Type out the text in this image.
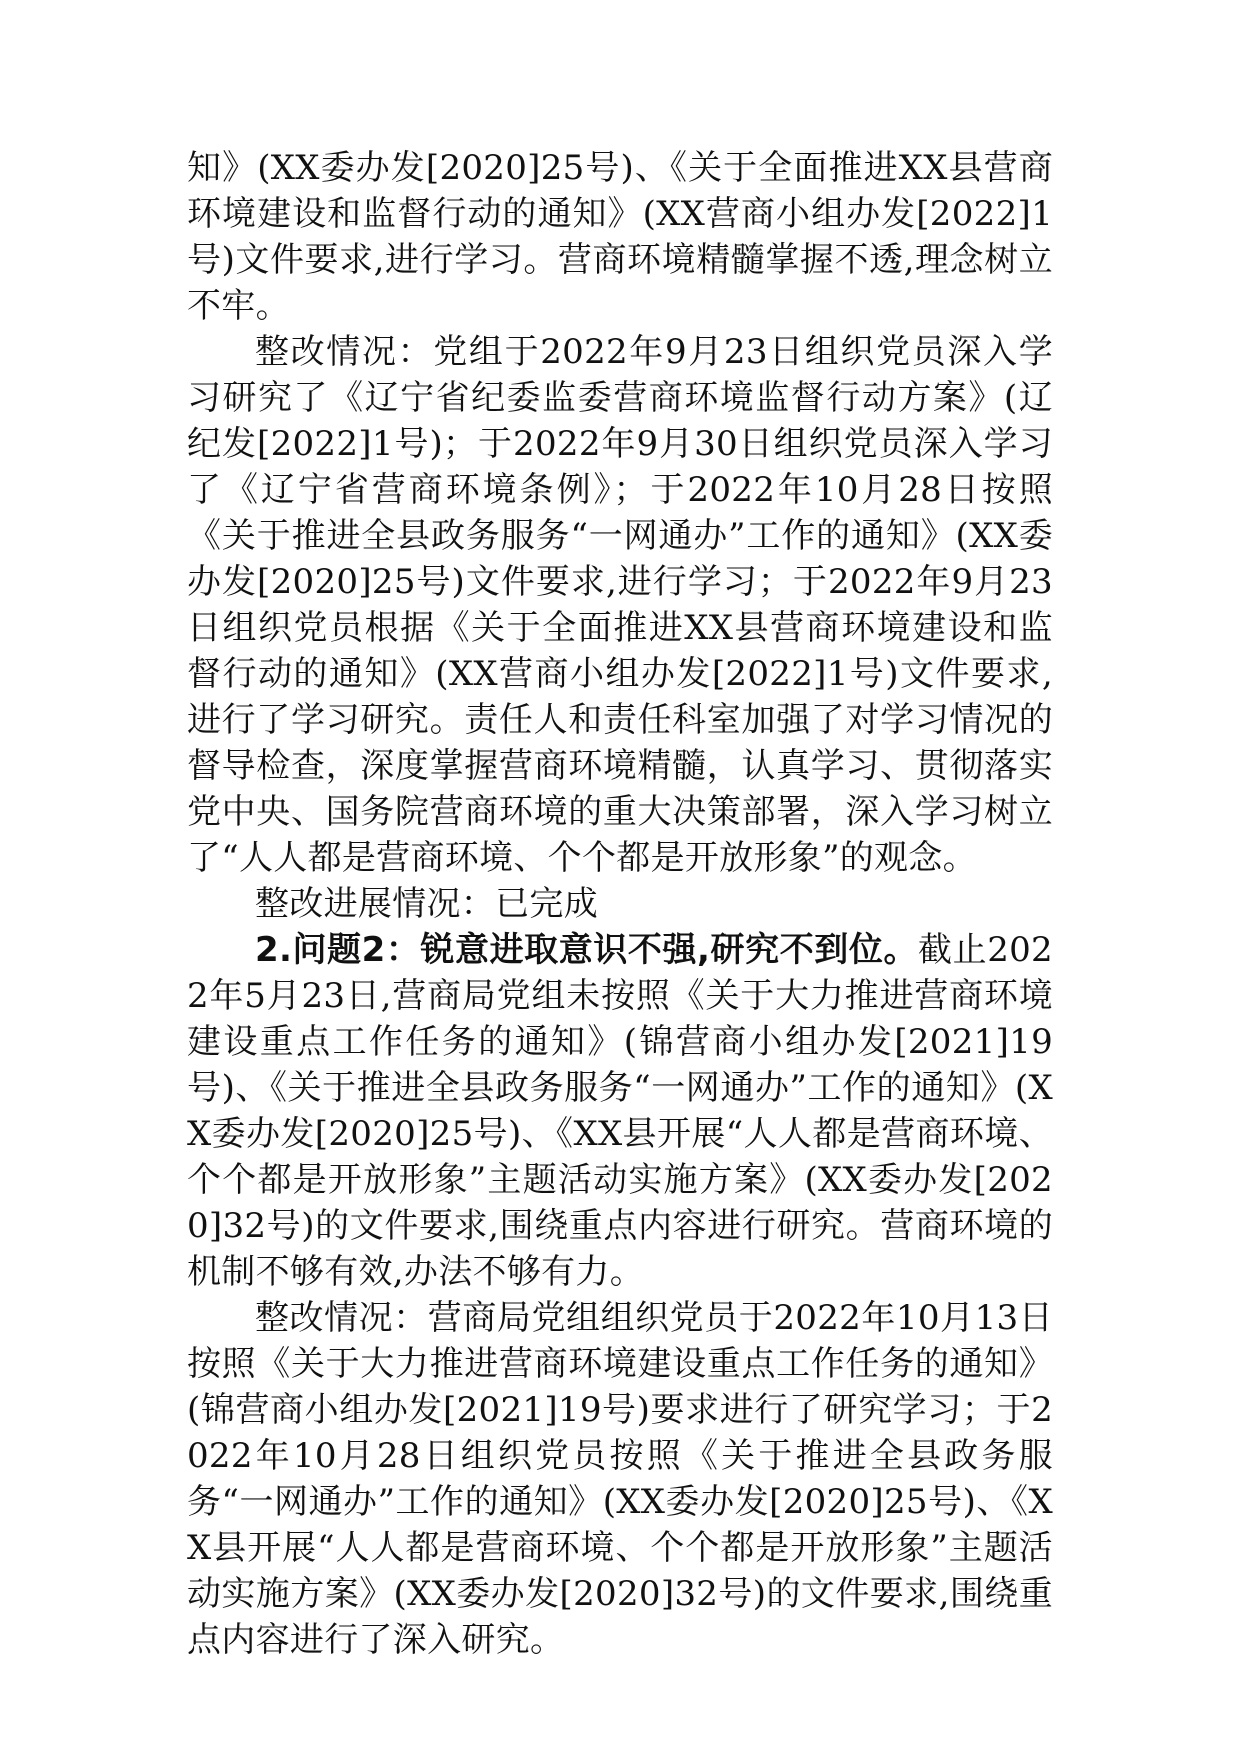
知》(XX委办发[2020]25号)、《关于全面推进XX县营商环境建设和监督行动的通知》(XX营商小组办发[2022]1号)文件要求,进行学习。营商环境精髓掌握不透,理念树立不牢。

整改情况：党组于2022年9月23日组织党员深入学习研究了《辽宁省纪委监委营商环境监督行动方案》(辽纪发[2022]1号)；于2022年9月30日组织党员深入学习了《辽宁省营商环境条例》；于2022年10月28日按照《关于推进全县政务服务“一网通办”工作的通知》(XX委办发[2020]25号)文件要求,进行学习；于2022年9月23日组织党员根据《关于全面推进XX县营商环境建设和监督行动的通知》(XX营商小组办发[2022]1号)文件要求,进行了学习研究。责任人和责任科室加强了对学习情况的督导检查，深度掌握营商环境精髓，认真学习、贯彻落实党中央、国务院营商环境的重大决策部署，深入学习树立了“人人都是营商环境、个个都是开放形象”的观念。

整改进展情况：已完成

2.问题2：锐意进取意识不强,研究不到位。截止2022年5月23日,营商局党组未按照《关于大力推进营商环境建设重点工作任务的通知》(锦营商小组办发[2021]19号)、《关于推进全县政务服务“一网通办”工作的通知》(XX委办发[2020]25号)、《XX县开展“人人都是营商环境、个个都是开放形象”主题活动实施方案》(XX委办发[2020]32号)的文件要求,围绕重点内容进行研究。营商环境的机制不够有效,办法不够有力。

整改情况：营商局党组组织党员于2022年10月13日按照《关于大力推进营商环境建设重点工作任务的通知》(锦营商小组办发[2021]19号)要求进行了研究学习；于2022年10月28日组织党员按照《关于推进全县政务服务“一网通办”工作的通知》(XX委办发[2020]25号)、《XX县开展“人人都是营商环境、个个都是开放形象”主题活动实施方案》(XX委办发[2020]32号)的文件要求,围绕重点内容进行了深入研究。
